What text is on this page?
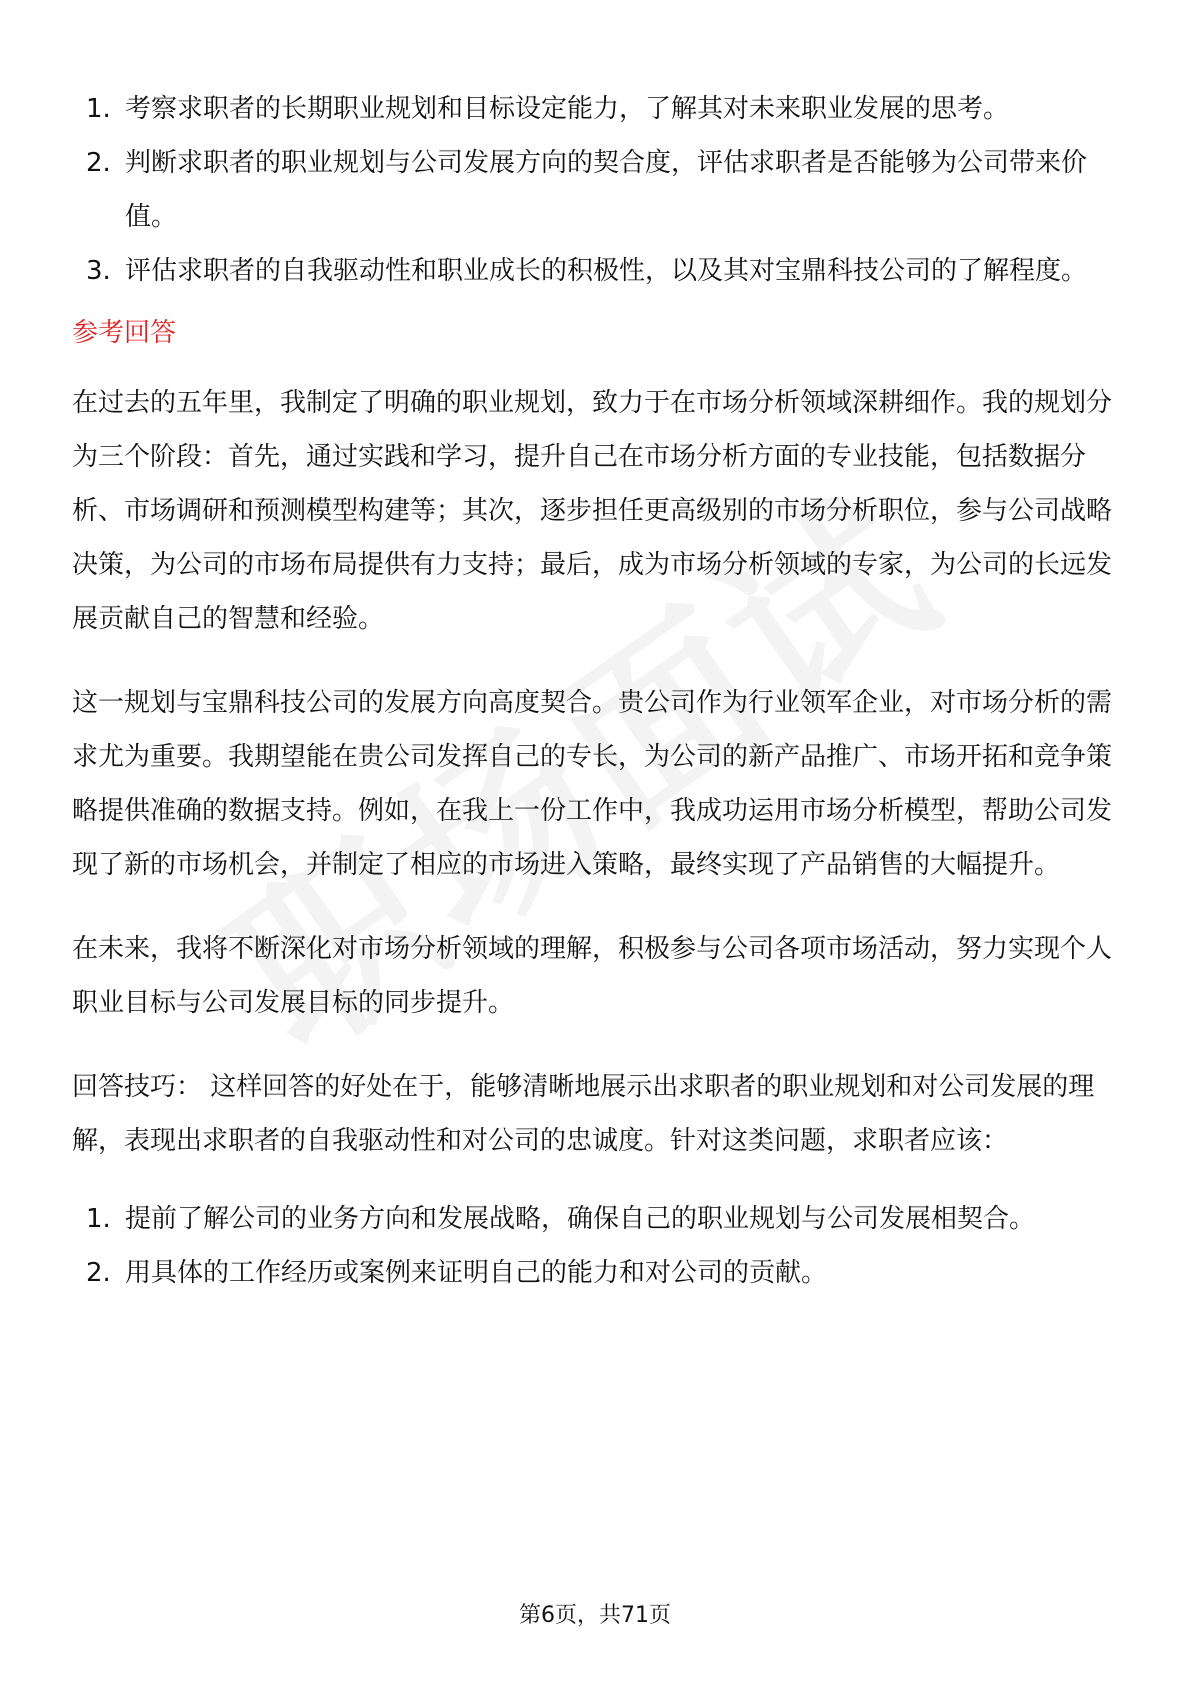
1. 考察求职者的长期职业规划和目标设定能力，了解其对未来职业发展的思考。
2. 判断求职者的职业规划与公司发展方向的契合度，评估求职者是否能够为公司带来价值。
3. 评估求职者的自我驱动性和职业成长的积极性，以及其对宝鼎科技公司的了解程度。
参考回答

在过去的五年里，我制定了明确的职业规划，致力于在市场分析领域深耕细作。我的规划分为三个阶段：首先，通过实践和学习，提升自己在市场分析方面的专业技能，包括数据分析、市场调研和预测模型构建等；其次，逐步担任更高级别的市场分析职位，参与公司战略决策，为公司的市场布局提供有力支持；最后，成为市场分析领域的专家，为公司的长远发展贡献自己的智慧和经验。

这一规划与宝鼎科技公司的发展方向高度契合。贵公司作为行业领军企业，对市场分析的需求尤为重要。我期望能在贵公司发挥自己的专长，为公司的新产品推广、市场开拓和竞争策略提供准确的数据支持。例如，在我上一份工作中，我成功运用市场分析模型，帮助公司发现了新的市场机会，并制定了相应的市场进入策略，最终实现了产品销售的大幅提升。

在未来，我将不断深化对市场分析领域的理解，积极参与公司各项市场活动，努力实现个人职业目标与公司发展目标的同步提升。

回答技巧： 这样回答的好处在于，能够清晰地展示出求职者的职业规划和对公司发展的理解，表现出求职者的自我驱动性和对公司的忠诚度。针对这类问题，求职者应该：

1. 提前了解公司的业务方向和发展战略，确保自己的职业规划与公司发展相契合。
2. 用具体的工作经历或案例来证明自己的能力和对公司的贡献。
第6页，共71页
